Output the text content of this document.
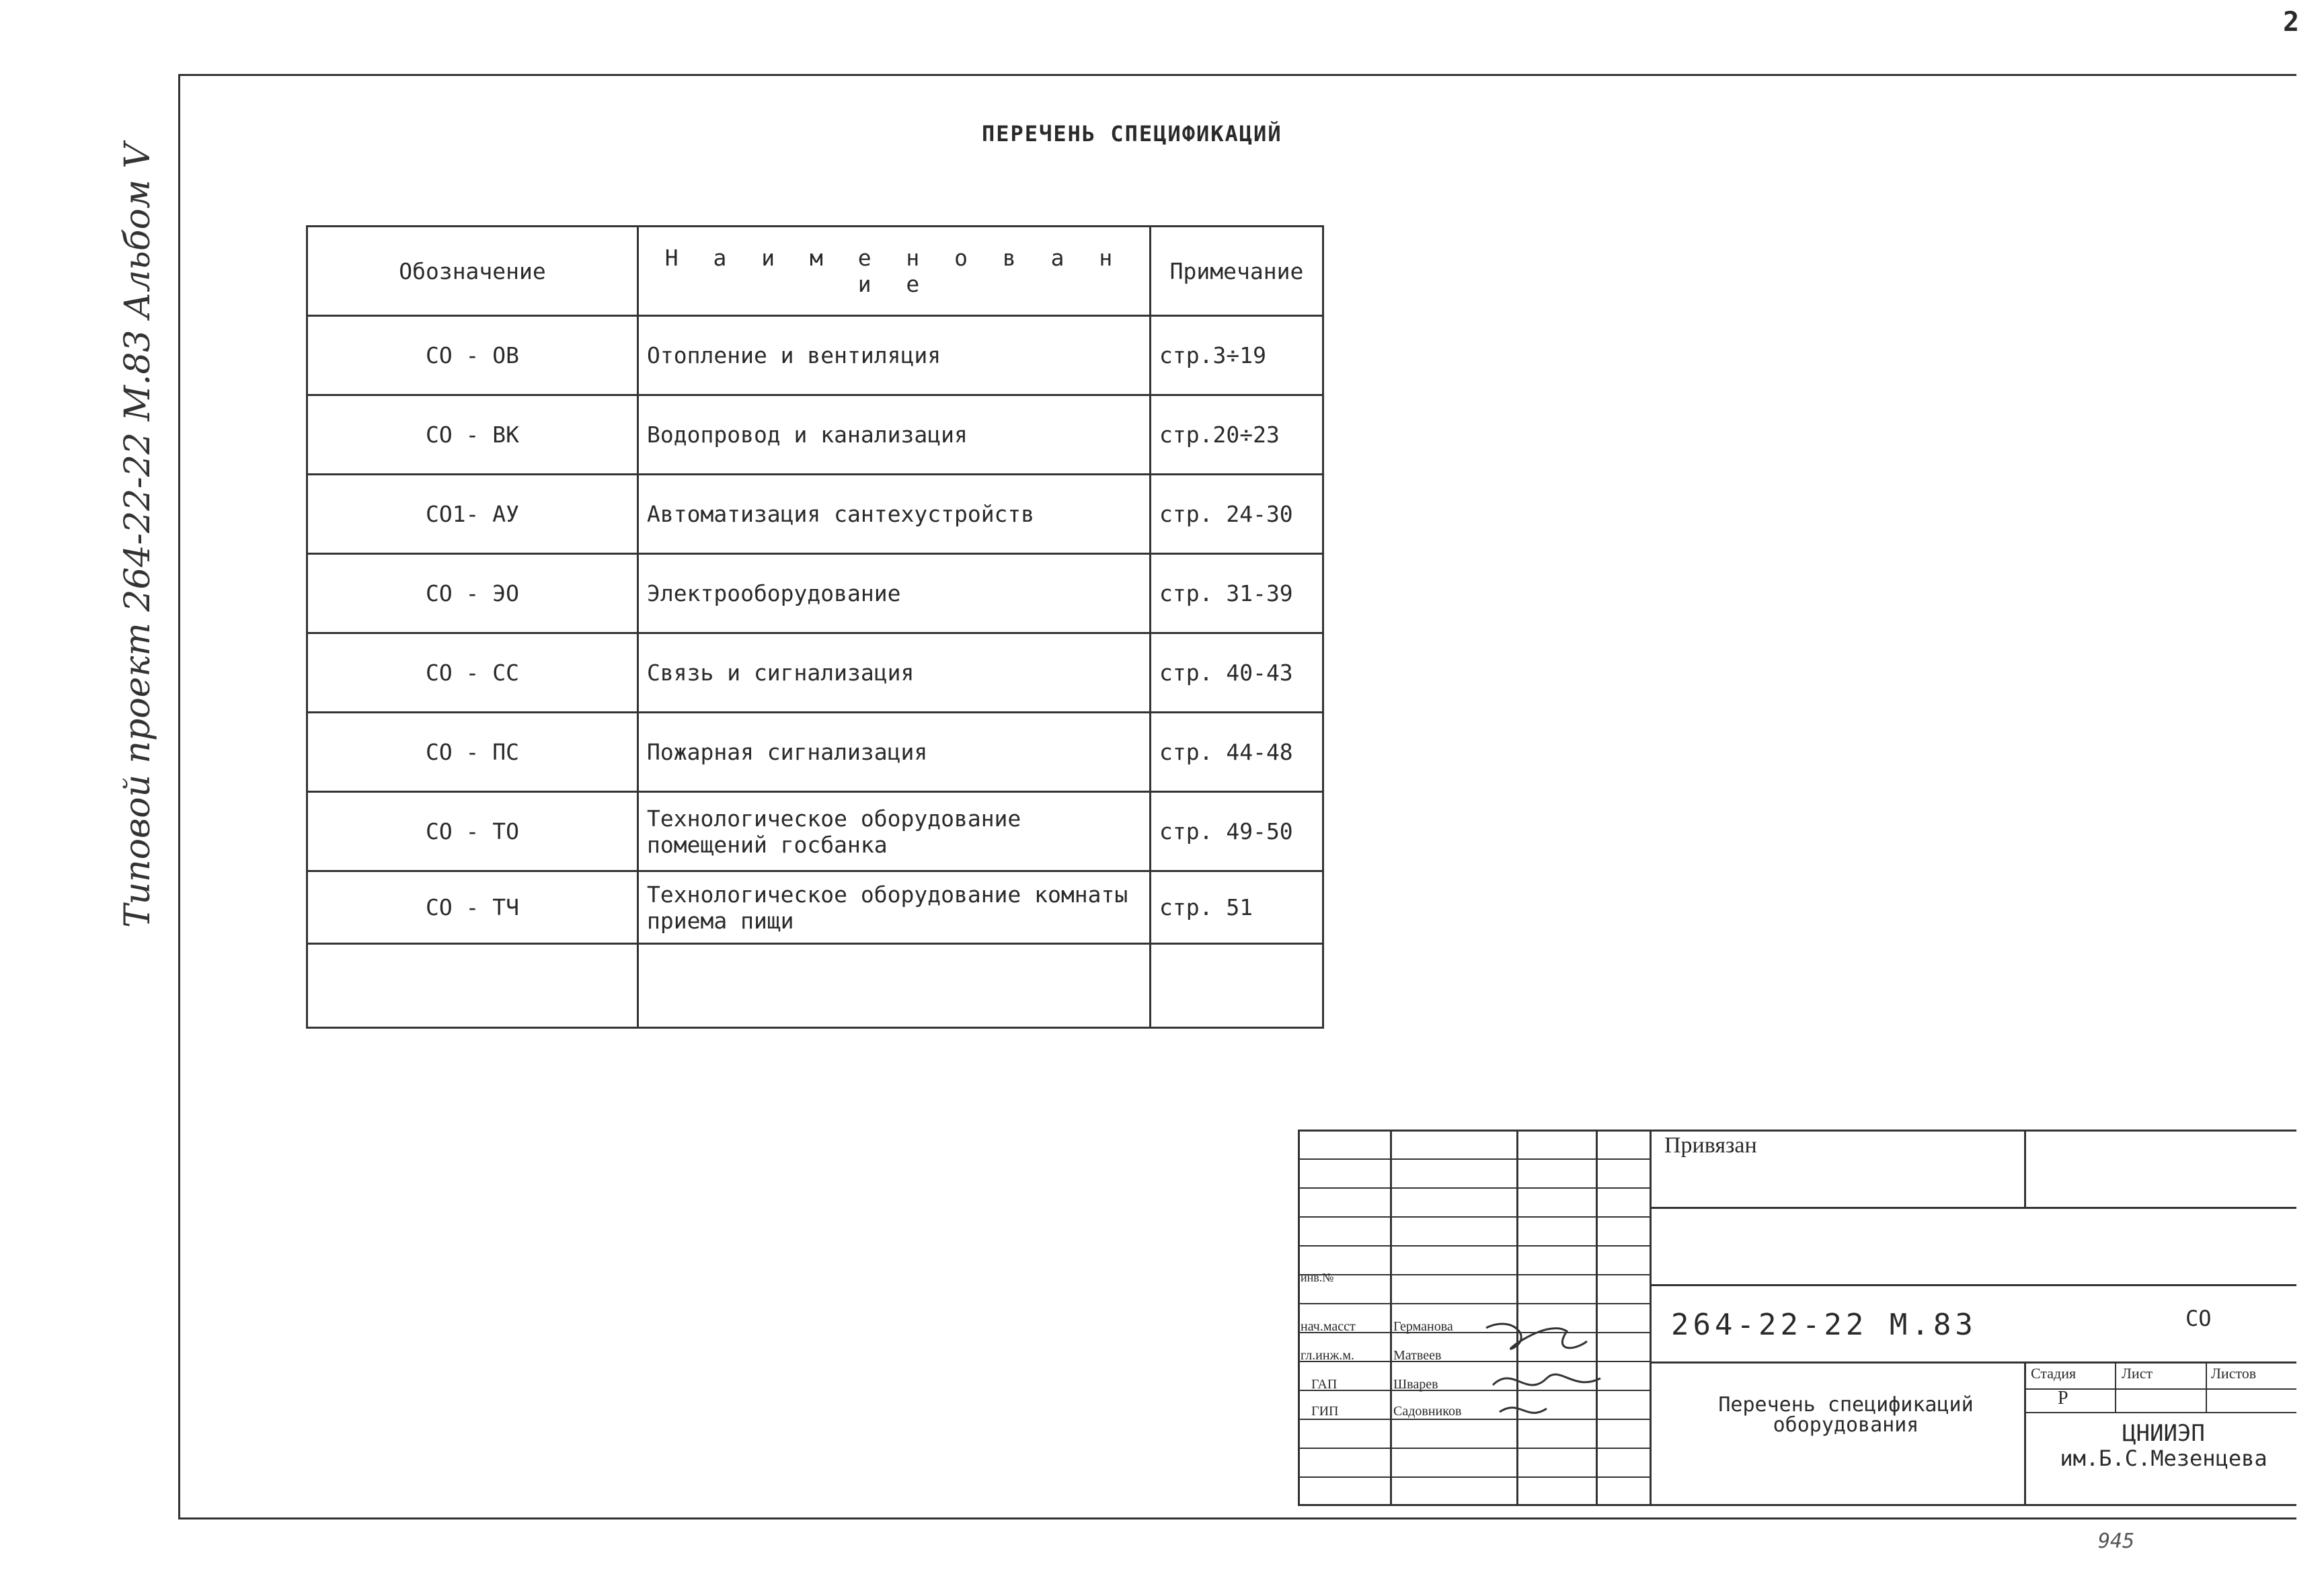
2
Типовой проект 264-22-22 М.83 Альбом V
ПЕРЕЧЕНЬ СПЕЦИФИКАЦИЙ
Обозначение	Н а и м е н о в а н и е	Примечание
СО - ОВ	Отопление и вентиляция	стр.3÷19
СО - ВК	Водопровод и канализация	стр.20÷23
СО1- АУ	Автоматизация сантехустройств	стр. 24-30
СО - ЭО	Электрооборудование	стр. 31-39
СО - СС	Связь и сигнализация	стр. 40-43
СО - ПС	Пожарная сигнализация	стр. 44-48
СО - ТО	Технологическое оборудование помещений госбанка	стр. 49-50
СО - ТЧ	Технологическое оборудование комнаты приема пищи	стр. 51

Привязан
инв.№
нач.масст	Германова
гл.инж.м.	Матвеев
ГАП	Шварев
ГИП	Садовников
264-22-22 М.83	СО
Перечень спецификаций оборудования
Стадия	Лист	Листов
Р
ЦНИИЭП
им.Б.С.Мезенцева
945
